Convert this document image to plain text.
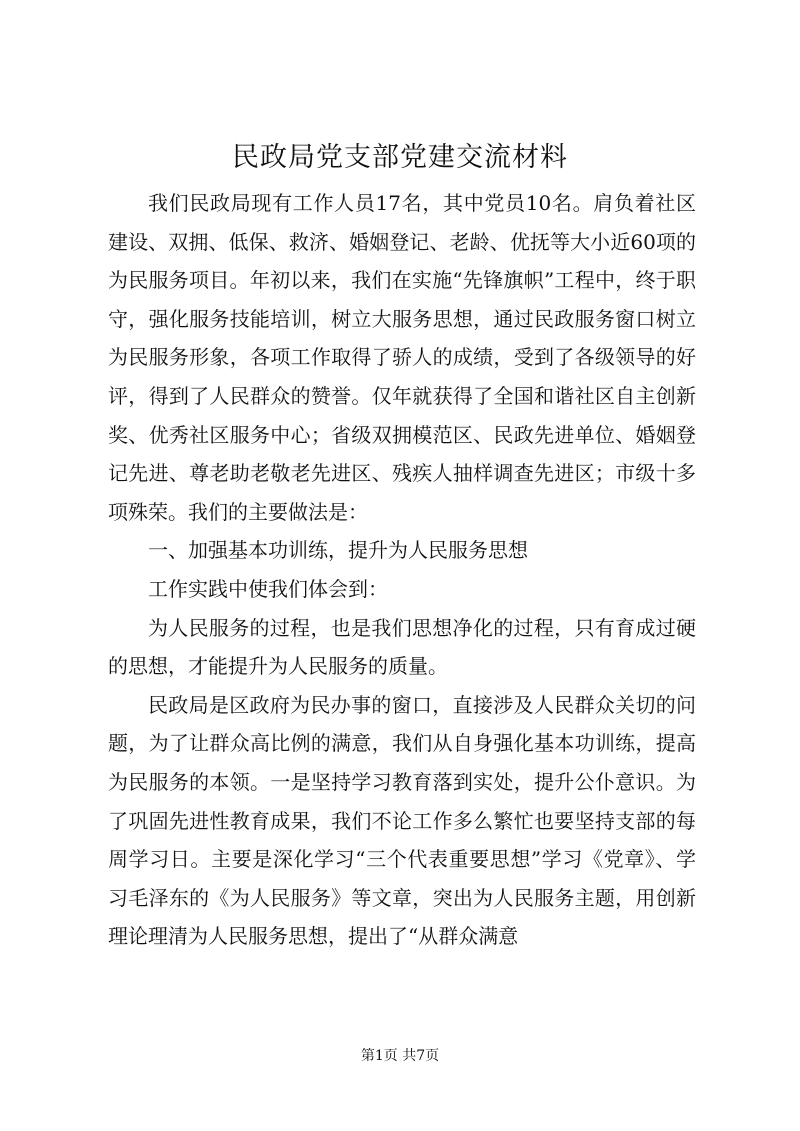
民政局党支部党建交流材料

我们民政局现有工作人员17名，其中党员10名。肩负着社区建设、双拥、低保、救济、婚姻登记、老龄、优抚等大小近60项的为民服务项目。年初以来，我们在实施“先锋旗帜”工程中，终于职守，强化服务技能培训，树立大服务思想，通过民政服务窗口树立为民服务形象，各项工作取得了骄人的成绩，受到了各级领导的好评，得到了人民群众的赞誉。仅年就获得了全国和谐社区自主创新奖、优秀社区服务中心；省级双拥模范区、民政先进单位、婚姻登记先进、尊老助老敬老先进区、残疾人抽样调查先进区；市级十多项殊荣。我们的主要做法是：

一、加强基本功训练，提升为人民服务思想

工作实践中使我们体会到：

为人民服务的过程，也是我们思想净化的过程，只有育成过硬的思想，才能提升为人民服务的质量。

民政局是区政府为民办事的窗口，直接涉及人民群众关切的问题，为了让群众高比例的满意，我们从自身强化基本功训练，提高为民服务的本领。一是坚持学习教育落到实处，提升公仆意识。为了巩固先进性教育成果，我们不论工作多么繁忙也要坚持支部的每周学习日。主要是深化学习“三个代表重要思想”学习《党章》、学习毛泽东的《为人民服务》等文章，突出为人民服务主题，用创新理论理清为人民服务思想，提出了“从群众满意

第1页 共7页
